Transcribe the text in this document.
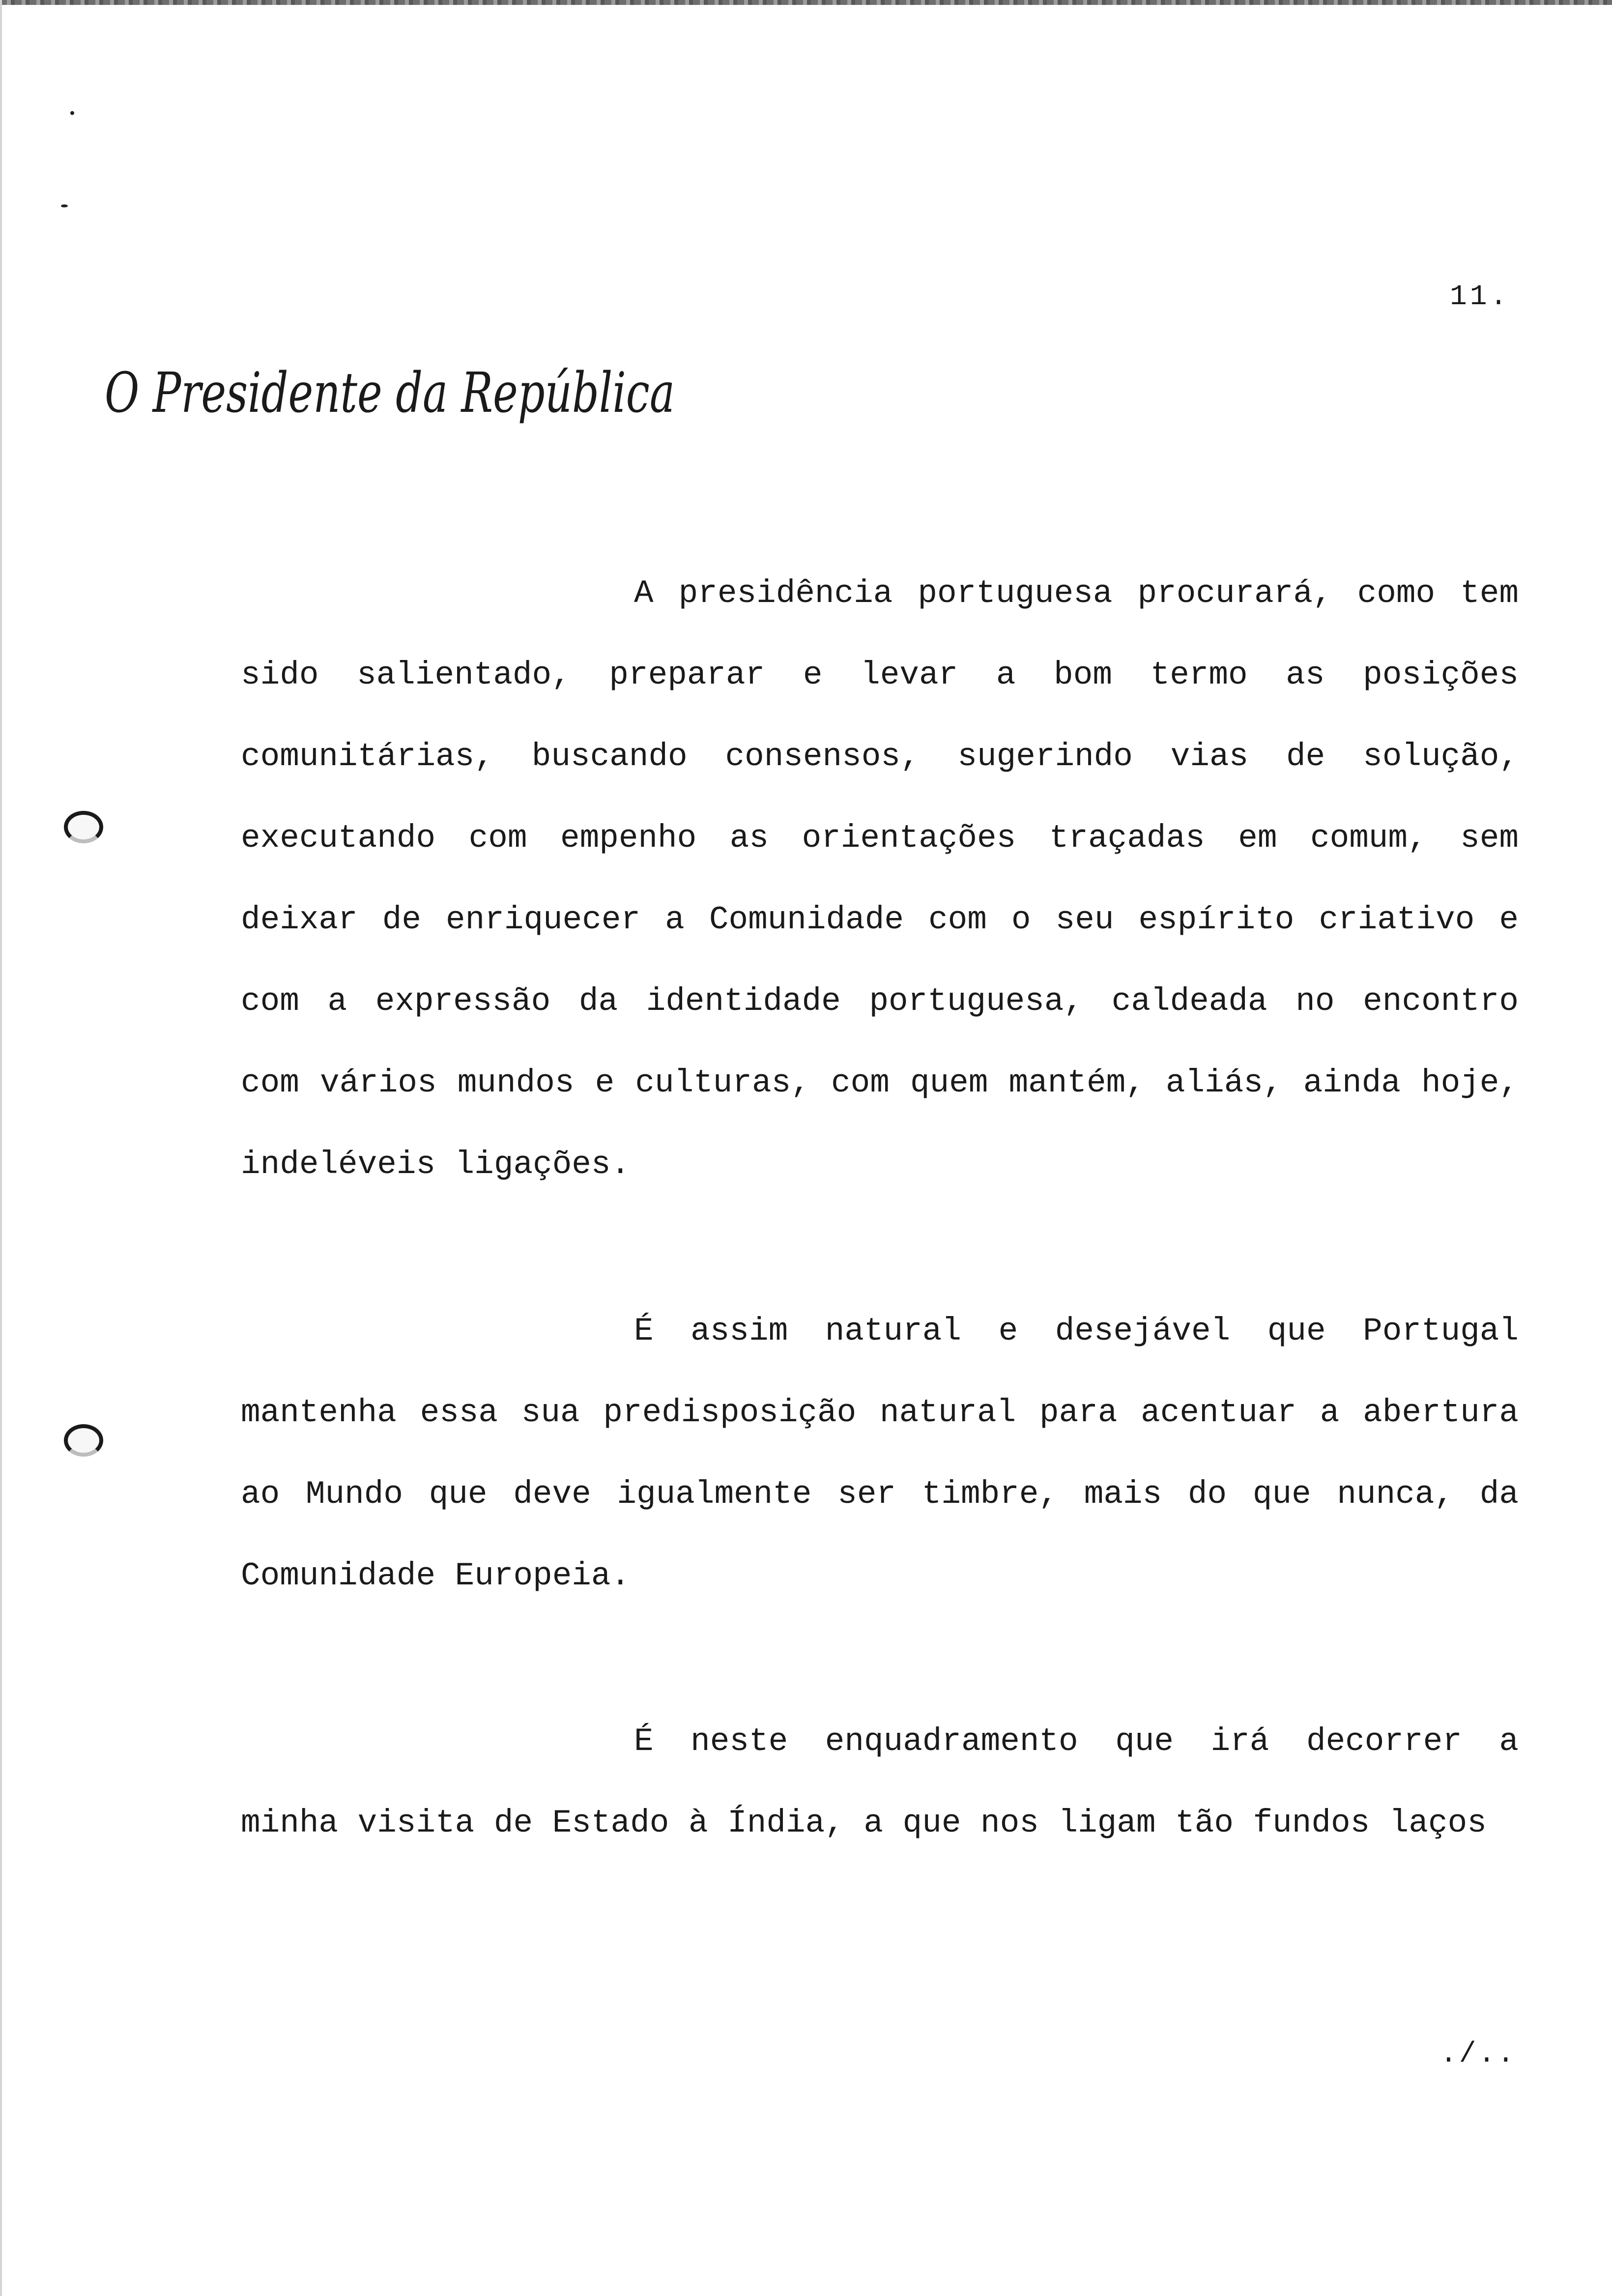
11.

O Presidente da República

A presidência portuguesa procurará, como tem sido salientado, preparar e levar a bom termo as posições comunitárias, buscando consensos, sugerindo vias de solução, executando com empenho as orientações traçadas em comum, sem deixar de enriquecer a Comunidade com o seu espírito criativo e com a expressão da identidade portuguesa, caldeada no encontro com vários mundos e culturas, com quem mantém, aliás, ainda hoje, indeléveis ligações.

É assim natural e desejável que Portugal mantenha essa sua predisposição natural para acentuar a abertura ao Mundo que deve igualmente ser timbre, mais do que nunca, da Comunidade Europeia.

É neste enquadramento que irá decorrer a minha visita de Estado à Índia, a que nos ligam tão fundos laços

./..
